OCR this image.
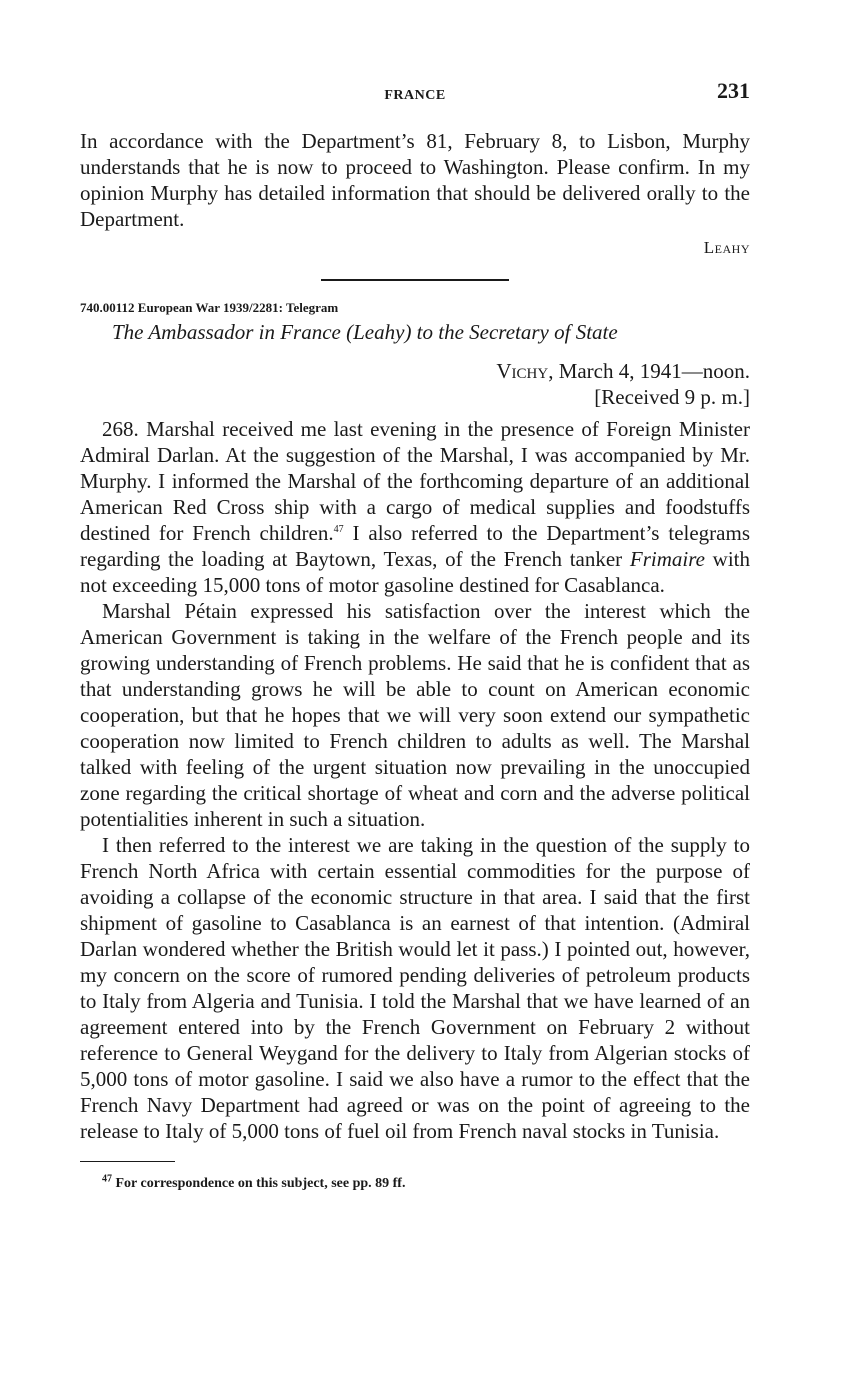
FRANCE	231

In accordance with the Department’s 81, February 8, to Lisbon, Murphy understands that he is now to proceed to Washington. Please confirm. In my opinion Murphy has detailed information that should be delivered orally to the Department.

Leahy
740.00112 European War 1939/2281: Telegram
The Ambassador in France (Leahy) to the Secretary of State
Vichy, March 4, 1941—noon.
[Received 9 p. m.]

268. Marshal received me last evening in the presence of Foreign Minister Admiral Darlan. At the suggestion of the Marshal, I was accompanied by Mr. Murphy. I informed the Marshal of the forthcoming departure of an additional American Red Cross ship with a cargo of medical supplies and foodstuffs destined for French children.$^{47}$ I also referred to the Department’s telegrams regarding the loading at Baytown, Texas, of the French tanker Frimaire with not exceeding 15,000 tons of motor gasoline destined for Casablanca.

Marshal Pétain expressed his satisfaction over the interest which the American Government is taking in the welfare of the French people and its growing understanding of French problems. He said that he is confident that as that understanding grows he will be able to count on American economic cooperation, but that he hopes that we will very soon extend our sympathetic cooperation now limited to French children to adults as well. The Marshal talked with feeling of the urgent situation now prevailing in the unoccupied zone regarding the critical shortage of wheat and corn and the adverse political potentialities inherent in such a situation.

I then referred to the interest we are taking in the question of the supply to French North Africa with certain essential commodities for the purpose of avoiding a collapse of the economic structure in that area. I said that the first shipment of gasoline to Casablanca is an earnest of that intention. (Admiral Darlan wondered whether the British would let it pass.) I pointed out, however, my concern on the score of rumored pending deliveries of petroleum products to Italy from Algeria and Tunisia. I told the Marshal that we have learned of an agreement entered into by the French Government on February 2 without reference to General Weygand for the delivery to Italy from Algerian stocks of 5,000 tons of motor gasoline. I said we also have a rumor to the effect that the French Navy Department had agreed or was on the point of agreeing to the release to Italy of 5,000 tons of fuel oil from French naval stocks in Tunisia.

$^{47}$ For correspondence on this subject, see pp. 89 ff.
